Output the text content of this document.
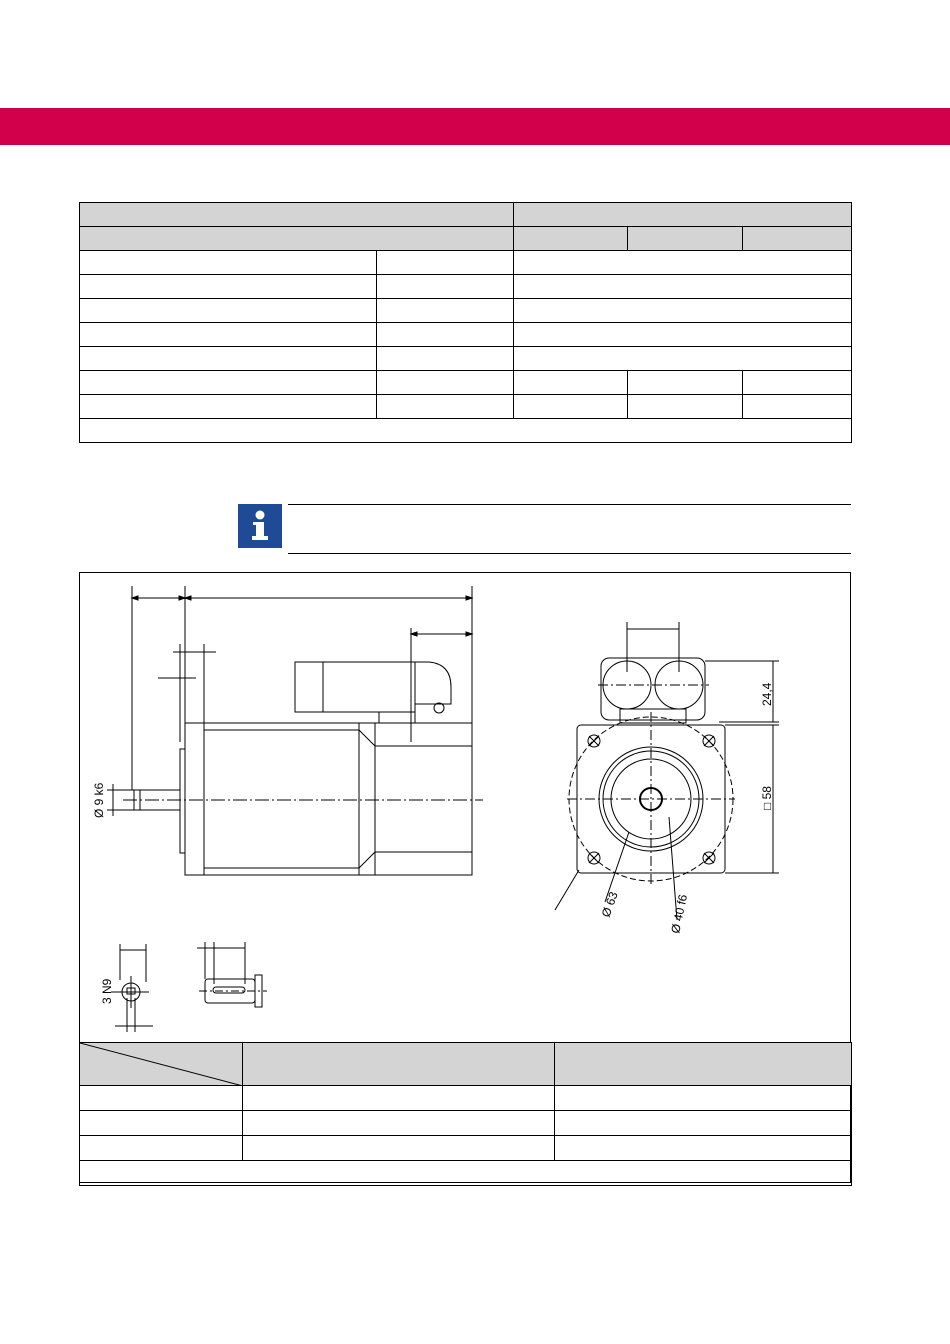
Ø 9 k6
24,4
□ 58
Ø 63	Ø 40 f6
3 N9
